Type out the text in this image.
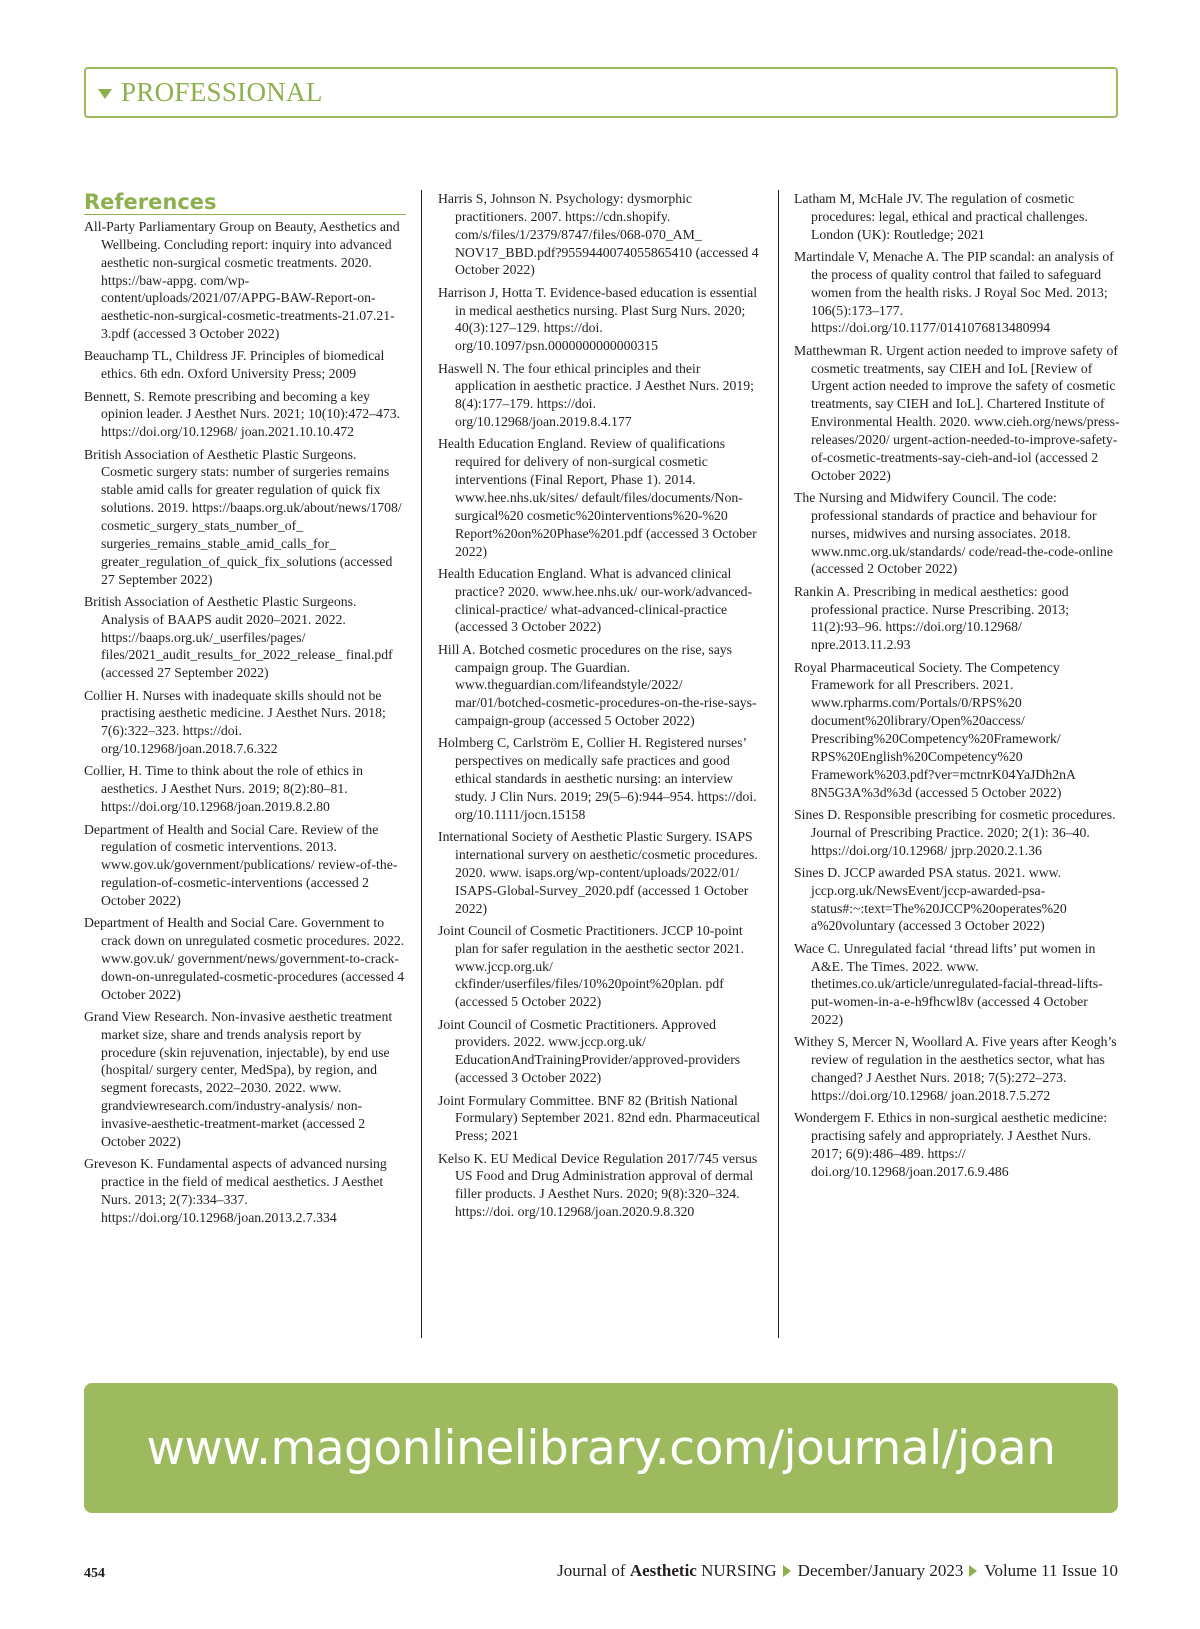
PROFESSIONAL
References

All-Party Parliamentary Group on Beauty, Aesthetics and Wellbeing. Concluding report: inquiry into advanced aesthetic non-surgical cosmetic treatments. 2020. https://baw-appg. com/wp-content/uploads/2021/07/APPG-BAW-Report-on-aesthetic-non-surgical-cosmetic-treatments-21.07.21-3.pdf (accessed 3 October 2022)

Beauchamp TL, Childress JF. Principles of biomedical ethics. 6th edn. Oxford University Press; 2009

Bennett, S. Remote prescribing and becoming a key opinion leader. J Aesthet Nurs. 2021; 10(10):472–473. https://doi.org/10.12968/ joan.2021.10.10.472

British Association of Aesthetic Plastic Surgeons. Cosmetic surgery stats: number of surgeries remains stable amid calls for greater regulation of quick fix solutions. 2019. https://baaps.org.uk/about/news/1708/ cosmetic_surgery_stats_number_of_ surgeries_remains_stable_amid_calls_for_ greater_regulation_of_quick_fix_solutions (accessed 27 September 2022)

British Association of Aesthetic Plastic Surgeons. Analysis of BAAPS audit 2020–2021. 2022. https://baaps.org.uk/_userfiles/pages/ files/2021_audit_results_for_2022_release_ final.pdf (accessed 27 September 2022)

Collier H. Nurses with inadequate skills should not be practising aesthetic medicine. J Aesthet Nurs. 2018; 7(6):322–323. https://doi. org/10.12968/joan.2018.7.6.322

Collier, H. Time to think about the role of ethics in aesthetics. J Aesthet Nurs. 2019; 8(2):80–81. https://doi.org/10.12968/joan.2019.8.2.80

Department of Health and Social Care. Review of the regulation of cosmetic interventions. 2013. www.gov.uk/government/publications/ review-of-the-regulation-of-cosmetic-interventions (accessed 2 October 2022)

Department of Health and Social Care. Government to crack down on unregulated cosmetic procedures. 2022. www.gov.uk/ government/news/government-to-crack-down-on-unregulated-cosmetic-procedures (accessed 4 October 2022)

Grand View Research. Non-invasive aesthetic treatment market size, share and trends analysis report by procedure (skin rejuvenation, injectable), by end use (hospital/ surgery center, MedSpa), by region, and segment forecasts, 2022–2030. 2022. www. grandviewresearch.com/industry-analysis/ non-invasive-aesthetic-treatment-market (accessed 2 October 2022)

Greveson K. Fundamental aspects of advanced nursing practice in the field of medical aesthetics. J Aesthet Nurs. 2013; 2(7):334–337. https://doi.org/10.12968/joan.2013.2.7.334

Harris S, Johnson N. Psychology: dysmorphic practitioners. 2007. https://cdn.shopify. com/s/files/1/2379/8747/files/068-070_AM_ NOV17_BBD.pdf?9559440074055865410 (accessed 4 October 2022)

Harrison J, Hotta T. Evidence-based education is essential in medical aesthetics nursing. Plast Surg Nurs. 2020; 40(3):127–129. https://doi. org/10.1097/psn.0000000000000315

Haswell N. The four ethical principles and their application in aesthetic practice. J Aesthet Nurs. 2019; 8(4):177–179. https://doi. org/10.12968/joan.2019.8.4.177

Health Education England. Review of qualifications required for delivery of non-surgical cosmetic interventions (Final Report, Phase 1). 2014. www.hee.nhs.uk/sites/ default/files/documents/Non-surgical%20 cosmetic%20interventions%20-%20 Report%20on%20Phase%201.pdf (accessed 3 October 2022)

Health Education England. What is advanced clinical practice? 2020. www.hee.nhs.uk/ our-work/advanced-clinical-practice/ what-advanced-clinical-practice (accessed 3 October 2022)

Hill A. Botched cosmetic procedures on the rise, says campaign group. The Guardian. www.theguardian.com/lifeandstyle/2022/ mar/01/botched-cosmetic-procedures-on-the-rise-says-campaign-group (accessed 5 October 2022)

Holmberg C, Carlström E, Collier H. Registered nurses’ perspectives on medically safe practices and good ethical standards in aesthetic nursing: an interview study. J Clin Nurs. 2019; 29(5–6):944–954. https://doi. org/10.1111/jocn.15158

International Society of Aesthetic Plastic Surgery. ISAPS international survery on aesthetic/cosmetic procedures. 2020. www. isaps.org/wp-content/uploads/2022/01/ ISAPS-Global-Survey_2020.pdf (accessed 1 October 2022)

Joint Council of Cosmetic Practitioners. JCCP 10-point plan for safer regulation in the aesthetic sector 2021. www.jccp.org.uk/ ckfinder/userfiles/files/10%20point%20plan. pdf (accessed 5 October 2022)

Joint Council of Cosmetic Practitioners. Approved providers. 2022. www.jccp.org.uk/ EducationAndTrainingProvider/approved-providers (accessed 3 October 2022)

Joint Formulary Committee. BNF 82 (British National Formulary) September 2021. 82nd edn. Pharmaceutical Press; 2021

Kelso K. EU Medical Device Regulation 2017/745 versus US Food and Drug Administration approval of dermal filler products. J Aesthet Nurs. 2020; 9(8):320–324. https://doi. org/10.12968/joan.2020.9.8.320

Latham M, McHale JV. The regulation of cosmetic procedures: legal, ethical and practical challenges. London (UK): Routledge; 2021

Martindale V, Menache A. The PIP scandal: an analysis of the process of quality control that failed to safeguard women from the health risks. J Royal Soc Med. 2013; 106(5):173–177. https://doi.org/10.1177/0141076813480994

Matthewman R. Urgent action needed to improve safety of cosmetic treatments, say CIEH and IoL [Review of Urgent action needed to improve the safety of cosmetic treatments, say CIEH and IoL]. Chartered Institute of Environmental Health. 2020. www.cieh.org/news/press-releases/2020/ urgent-action-needed-to-improve-safety-of-cosmetic-treatments-say-cieh-and-iol (accessed 2 October 2022)

The Nursing and Midwifery Council. The code: professional standards of practice and behaviour for nurses, midwives and nursing associates. 2018. www.nmc.org.uk/standards/ code/read-the-code-online (accessed 2 October 2022)

Rankin A. Prescribing in medical aesthetics: good professional practice. Nurse Prescribing. 2013; 11(2):93–96. https://doi.org/10.12968/ npre.2013.11.2.93

Royal Pharmaceutical Society. The Competency Framework for all Prescribers. 2021. www.rpharms.com/Portals/0/RPS%20 document%20library/Open%20access/ Prescribing%20Competency%20Framework/ RPS%20English%20Competency%20 Framework%203.pdf?ver=mctnrK04YaJDh2nA 8N5G3A%3d%3d (accessed 5 October 2022)

Sines D. Responsible prescribing for cosmetic procedures. Journal of Prescribing Practice. 2020; 2(1): 36–40. https://doi.org/10.12968/ jprp.2020.2.1.36

Sines D. JCCP awarded PSA status. 2021. www. jccp.org.uk/NewsEvent/jccp-awarded-psa-status#:~:text=The%20JCCP%20operates%20 a%20voluntary (accessed 3 October 2022)

Wace C. Unregulated facial ‘thread lifts’ put women in A&E. The Times. 2022. www. thetimes.co.uk/article/unregulated-facial-thread-lifts-put-women-in-a-e-h9fhcwl8v (accessed 4 October 2022)

Withey S, Mercer N, Woollard A. Five years after Keogh’s review of regulation in the aesthetics sector, what has changed? J Aesthet Nurs. 2018; 7(5):272–273. https://doi.org/10.12968/ joan.2018.7.5.272

Wondergem F. Ethics in non-surgical aesthetic medicine: practising safely and appropriately. J Aesthet Nurs. 2017; 6(9):486–489. https:// doi.org/10.12968/joan.2017.6.9.486

www.magonlinelibrary.com/journal/joan
454	Journal of Aesthetic NURSING December/January 2023 Volume 11 Issue 10
